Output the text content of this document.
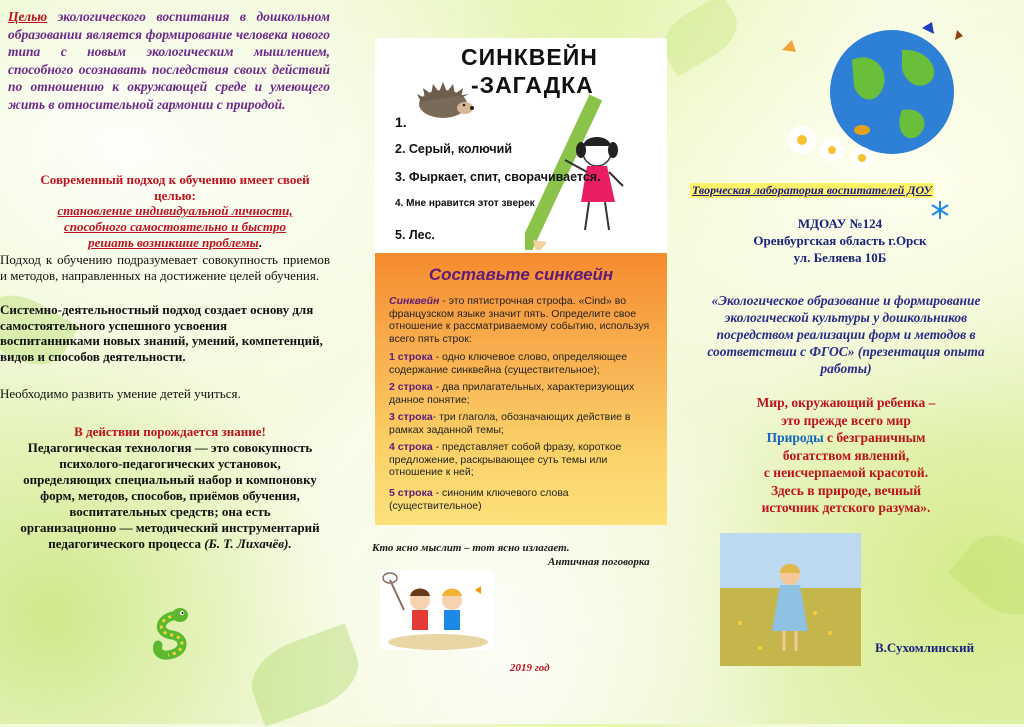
Целью экологического воспитания в дошкольном образовании является формирование человека нового типа с новым экологическим мышлением, способного осознавать последствия своих действий по отношению к окружающей среде и умеющего жить в относительной гармонии с природой.
Современный подход к обучению имеет своей целью:
становление индивидуальной личности,
способного самостоятельно и быстро
решать возникшие проблемы.
Подход к обучению подразумевает совокупность приемов и методов, направленных на достижение целей обучения.
Системно-деятельностный подход создает основу для самостоятельного успешного усвоения воспитанниками новых знаний, умений, компетенций, видов и способов деятельности.
Необходимо развить умение детей учиться.
В действии порождается знание!
Педагогическая технология — это совокупность психолого-педагогических установок, определяющих специальный набор и компоновку форм, методов, способов, приёмов обучения, воспитательных средств; она есть организационно — методический инструментарий педагогического процесса (Б. Т. Лихачёв).
СИНКВЕЙН
-ЗАГАДКА
1.
2. Серый, колючий
3. Фыркает, спит, сворачивается.
4. Мне нравится этот зверек
5. Лес.
Составьте синквейн
Синквейн - это пятистрочная строфа. «Cind» во французском языке значит пять. Определите свое отношение к рассматриваемому событию, используя всего пять строк:
1 строка - одно ключевое слово, определяющее содержание синквейна (существительное);
2 строка - два прилагательных, характеризующих данное понятие;
3 строка- три глагола, обозначающих действие в рамках заданной темы;
4 строка - представляет собой фразу, короткое предложение, раскрывающее суть темы или отношение к ней;
5 строка - синоним ключевого слова (существительное)
Кто ясно мыслит – тот ясно излагает.
Античная поговорка
2019 год
Творческая лаборатория воспитателей ДОУ
МДОАУ №124
Оренбургская область г.Орск
ул. Беляева 10Б
«Экологическое образование и формирование экологической культуры у дошкольников посредством реализации форм и методов в соответствии с ФГОС» (презентация опыта работы)
Мир, окружающий ребенка –
это прежде всего мир
Природы с безграничным
богатством явлений,
с неисчерпаемой красотой.
Здесь в природе, вечный
источник детского разума».
В.Сухомлинский
